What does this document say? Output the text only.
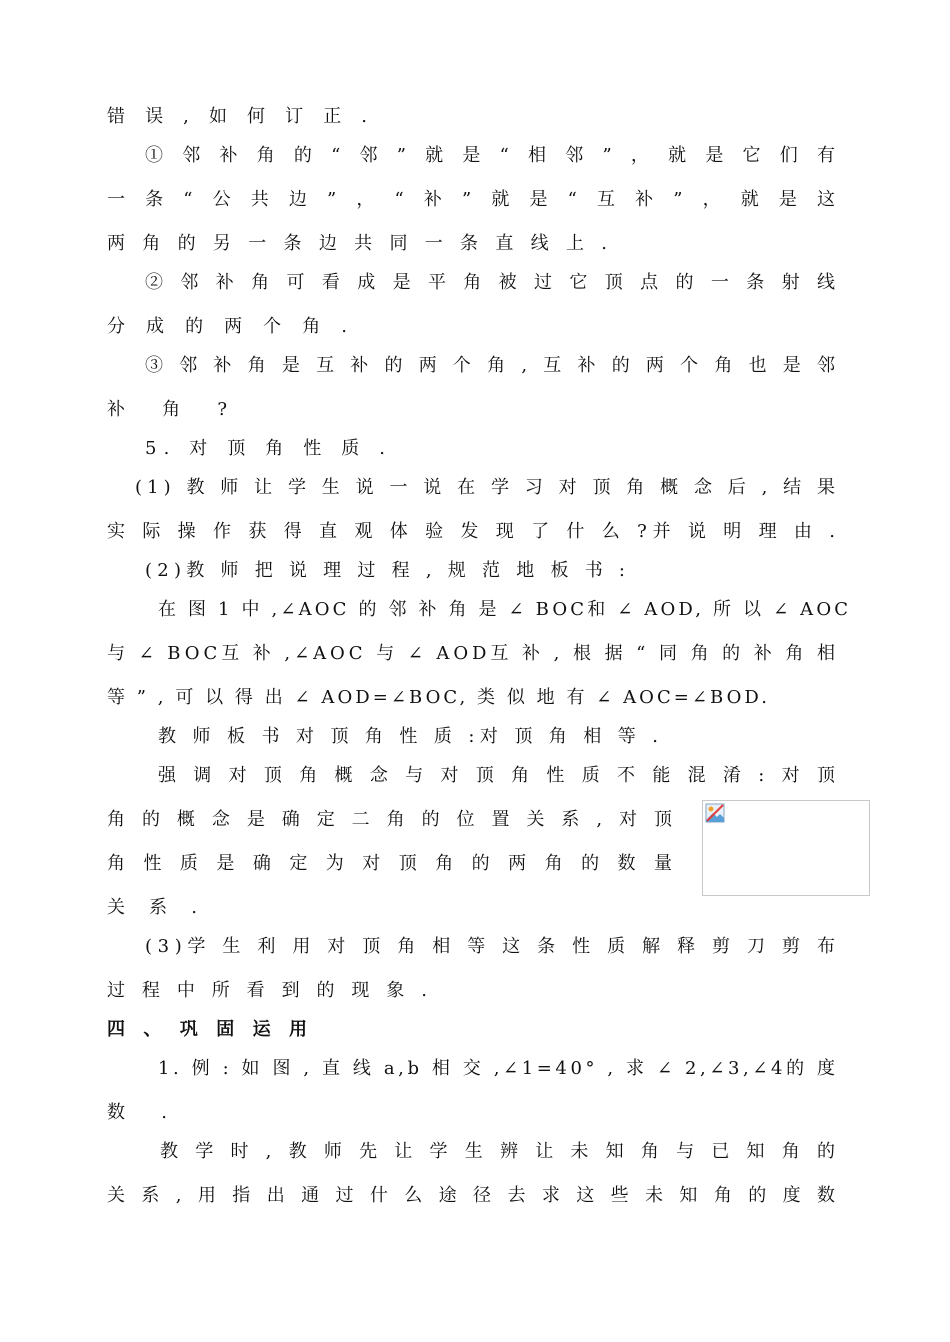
错 误 , 如 何 订 正 .
① 邻 补 角 的 “ 邻 ” 就 是 “ 相 邻 ” ， 就 是 它 们 有
一 条 “ 公 共 边 ” ， “ 补 ” 就 是 “ 互 补 ” ， 就 是 这
两 角 的 另 一 条 边 共 同 一 条 直 线 上 .
② 邻 补 角 可 看 成 是 平 角 被 过 它 顶 点 的 一 条 射 线
分 成 的 两 个 角 .
③ 邻 补 角 是 互 补 的 两 个 角 , 互 补 的 两 个 角 也 是 邻
补 角 ?
5. 对 顶 角 性 质 .
(1) 教 师 让 学 生 说 一 说 在 学 习 对 顶 角 概 念 后 , 结 果
实 际 操 作 获 得 直 观 体 验 发 现 了 什 么 ?并 说 明 理 由 .
(2)教 师 把 说 理 过 程 , 规 范 地 板 书 :
在 图 1 中 ,∠AOC 的 邻 补 角 是 ∠ BOC和 ∠ AOD, 所 以 ∠ AOC
与 ∠ BOC互 补 ,∠AOC 与 ∠ AOD互 补 , 根 据 “ 同 角 的 补 角 相
等 ” , 可 以 得 出 ∠ AOD=∠BOC, 类 似 地 有 ∠ AOC=∠BOD.
教 师 板 书 对 顶 角 性 质 :对 顶 角 相 等 .
强 调 对 顶 角 概 念 与 对 顶 角 性 质 不 能 混 淆 : 对 顶
角 的 概 念 是 确 定 二 角 的 位 置 关 系 , 对 顶
角 性 质 是 确 定 为 对 顶 角 的 两 角 的 数 量
关 系 .
(3)学 生 利 用 对 顶 角 相 等 这 条 性 质 解 释 剪 刀 剪 布
过 程 中 所 看 到 的 现 象 .
四 、 巩 固 运 用
1. 例 : 如 图 , 直 线 a,b 相 交 ,∠1=40° , 求 ∠ 2,∠3,∠4的 度
数 .
教 学 时 , 教 师 先 让 学 生 辨 让 未 知 角 与 已 知 角 的
关 系 , 用 指 出 通 过 什 么 途 径 去 求 这 些 未 知 角 的 度 数
